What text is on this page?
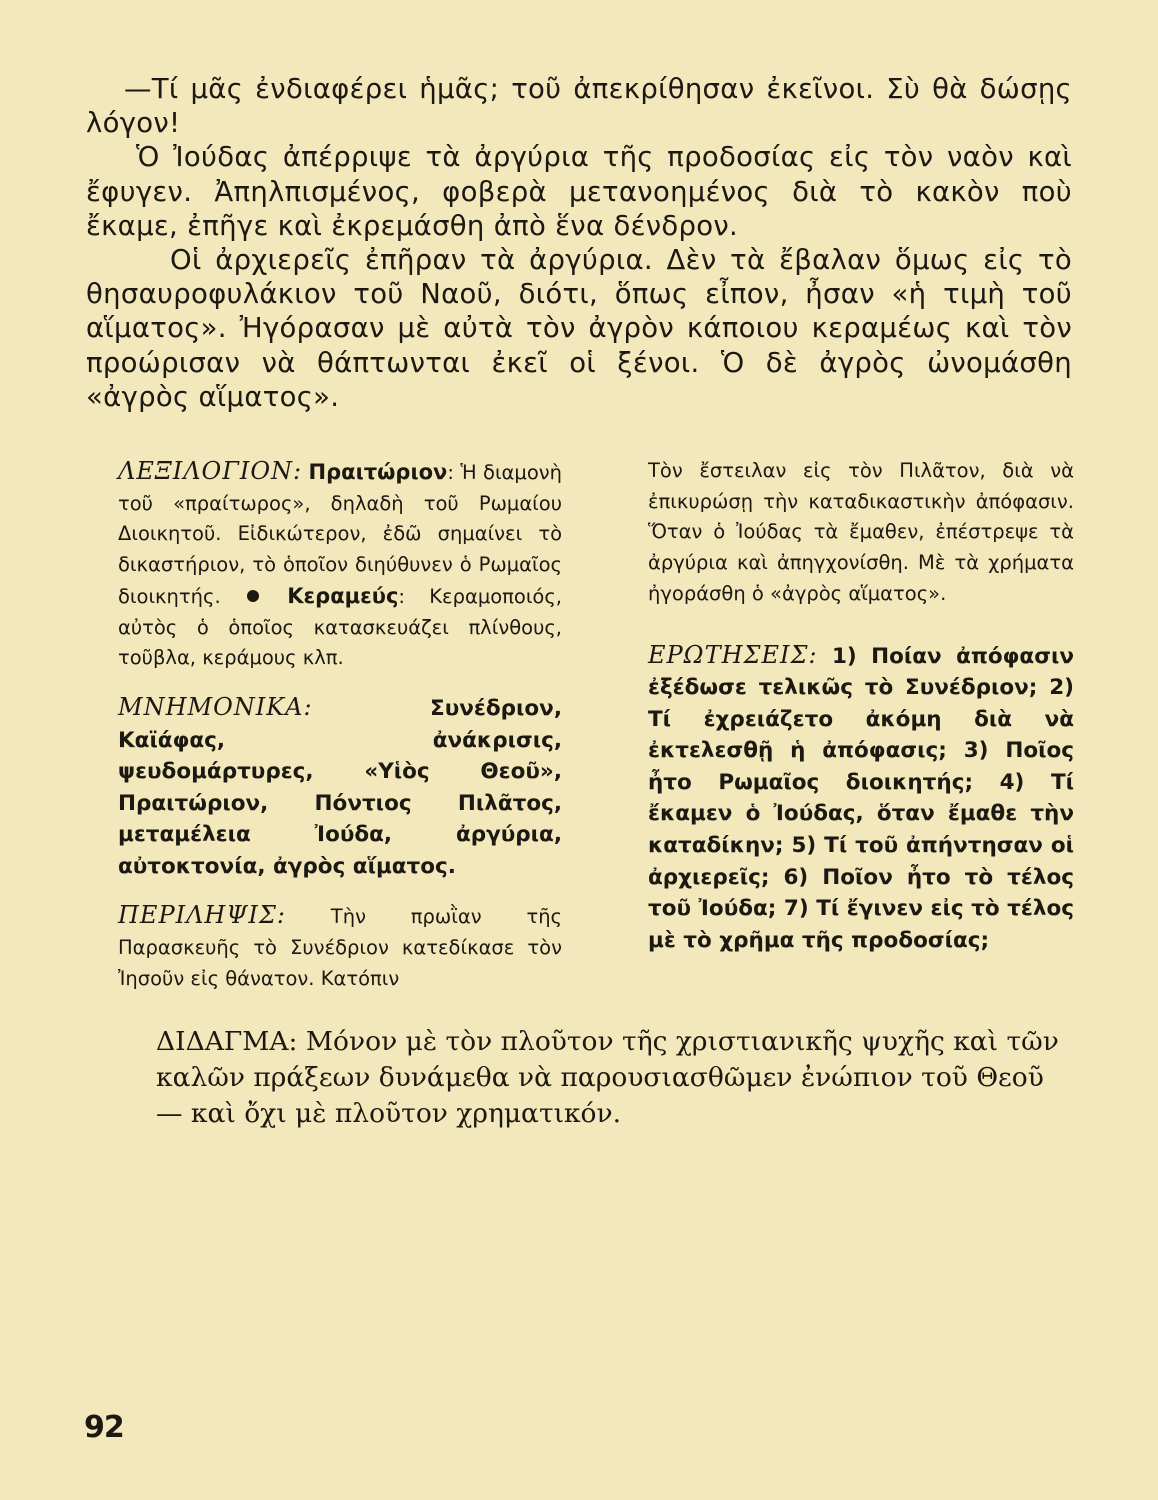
—Τί μᾶς ἐνδιαφέρει ἡμᾶς; τοῦ ἀπεκρίθησαν ἐκεῖνοι. Σὺ θὰ δώσῃς λόγον!

Ὁ Ἰούδας ἀπέρριψε τὰ ἀργύρια τῆς προδοσίας εἰς τὸν ναὸν καὶ ἔφυγεν. Ἀπηλπισμένος, φοβερὰ μετανοημένος διὰ τὸ κακὸν ποὺ ἔκαμε, ἐπῆγε καὶ ἐκρεμάσθη ἀπὸ ἕνα δένδρον.

Οἱ ἀρχιερεῖς ἐπῆραν τὰ ἀργύρια. Δὲν τὰ ἔβαλαν ὅμως εἰς τὸ θησαυροφυλάκιον τοῦ Ναοῦ, διότι, ὅπως εἶπον, ἦσαν «ἡ τιμὴ τοῦ αἵματος». Ἠγόρασαν μὲ αὐτὰ τὸν ἀγρὸν κάποιου κεραμέως καὶ τὸν προώρισαν νὰ θάπτωνται ἐκεῖ οἱ ξένοι. Ὁ δὲ ἀγρὸς ὠνομάσθη «ἀγρὸς αἵματος».

ΛΕΞΙΛΟΓΙΟΝ: Πραιτώριον: Ἡ διαμονὴ τοῦ «πραίτωρος», δηλαδὴ τοῦ Ρωμαίου Διοικητοῦ. Εἰδικώτερον, ἐδῶ σημαίνει τὸ δικαστήριον, τὸ ὁποῖον διηύθυνεν ὁ Ρωμαῖος διοικητής.	Κεραμεύς: Κεραμοποιός, αὐτὸς ὁ ὁποῖος κατασκευάζει πλίνθους, τοῦβλα, κεράμους κλπ.

ΜΝΗΜΟΝΙΚΑ:	Συνέδριον, Καϊάφας, ἀνάκρισις, ψευδομάρτυρες, «Υἱὸς Θεοῦ», Πραιτώριον, Πόντιος Πιλᾶτος, μεταμέλεια Ἰούδα, ἀργύρια, αὐτοκτονία, ἀγρὸς αἵματος.

ΠΕΡΙΛΗΨΙΣ: Τὴν πρωῒαν τῆς Παρασκευῆς τὸ Συνέδριον κατεδίκασε τὸν Ἰησοῦν εἰς θάνατον. Κατόπιν

Τὸν ἔστειλαν εἰς τὸν Πιλᾶτον, διὰ νὰ ἐπικυρώσῃ τὴν καταδικαστικὴν ἀπόφασιν. Ὅταν ὁ Ἰούδας τὰ ἔμαθεν, ἐπέστρεψε τὰ ἀργύρια καὶ ἀπηγχονίσθη. Μὲ τὰ χρήματα ἠγοράσθη ὁ «ἀγρὸς αἵματος».

ΕΡΩΤΗΣΕΙΣ: 1) Ποίαν ἀπόφασιν ἐξέδωσε τελικῶς τὸ Συνέδριον; 2) Τί ἐχρειάζετο ἀκόμη διὰ νὰ ἐκτελεσθῇ ἡ ἀπόφασις; 3) Ποῖος ἦτο Ρωμαῖος διοικητής; 4) Τί ἔκαμεν ὁ Ἰούδας, ὅταν ἔμαθε τὴν καταδίκην; 5) Τί τοῦ ἀπήντησαν οἱ ἀρχιερεῖς; 6) Ποῖον ἦτο τὸ τέλος τοῦ Ἰούδα; 7) Τί ἔγινεν εἰς τὸ τέλος μὲ τὸ χρῆμα τῆς προδοσίας;

ΔΙΔΑΓΜΑ: Μόνον μὲ τὸν πλοῦτον τῆς χριστιανικῆς ψυχῆς καὶ τῶν καλῶν πράξεων δυνάμεθα νὰ παρουσιασθῶμεν ἐνώπιον τοῦ Θεοῦ — καὶ ὄχι μὲ πλοῦτον χρηματικόν.
92
